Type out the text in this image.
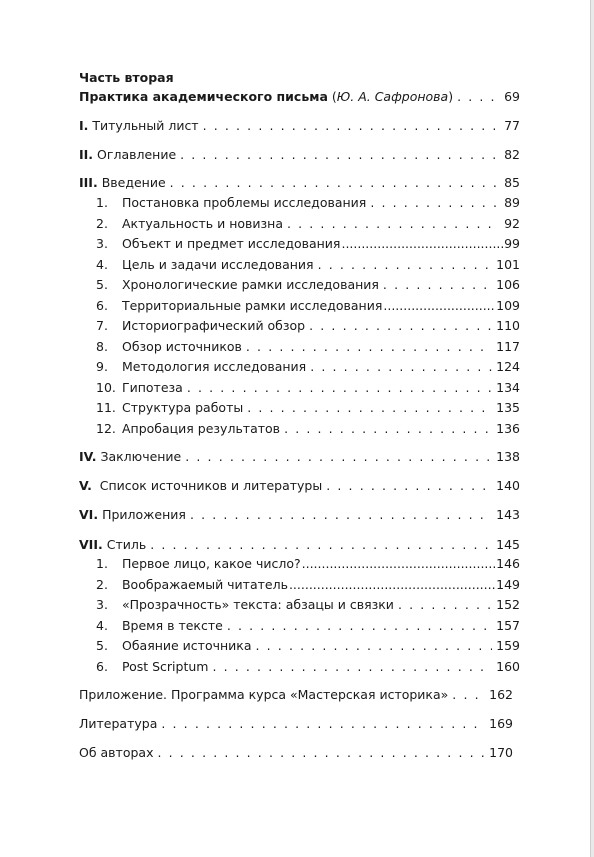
Часть вторая
Практика академического письма (Ю. А. Сафронова) . . .	69
I. Титульный лист . . .	77
II. Оглавление . . .	82
III. Введение . . .	85
1. Постановка проблемы исследования . . .	89
2. Актуальность и новизна . . .	92
3. Объект и предмет исследования .....	99
4. Цель и задачи исследования . . .	101
5. Хронологические рамки исследования . . .	106
6. Территориальные рамки исследования .....	109
7. Историографический обзор . . .	110
8. Обзор источников . . .	117
9. Методология исследования . . .	124
10. Гипотеза . . .	134
11. Структура работы . . .	135
12. Апробация результатов . . .	136
IV. Заключение . . .	138
V. Список источников и литературы . . .	140
VI. Приложения . . .	143
VII. Стиль . . .	145
1. Первое лицо, какое число? .....	146
2. Воображаемый читатель .....	149
3. «Прозрачность» текста: абзацы и связки . . .	152
4. Время в тексте . . .	157
5. Обаяние источника . . .	159
6. Post Scriptum . . .	160
Приложение. Программа курса «Мастерская историка» . . .	162
Литература . . .	169
Об авторах . . .	170
